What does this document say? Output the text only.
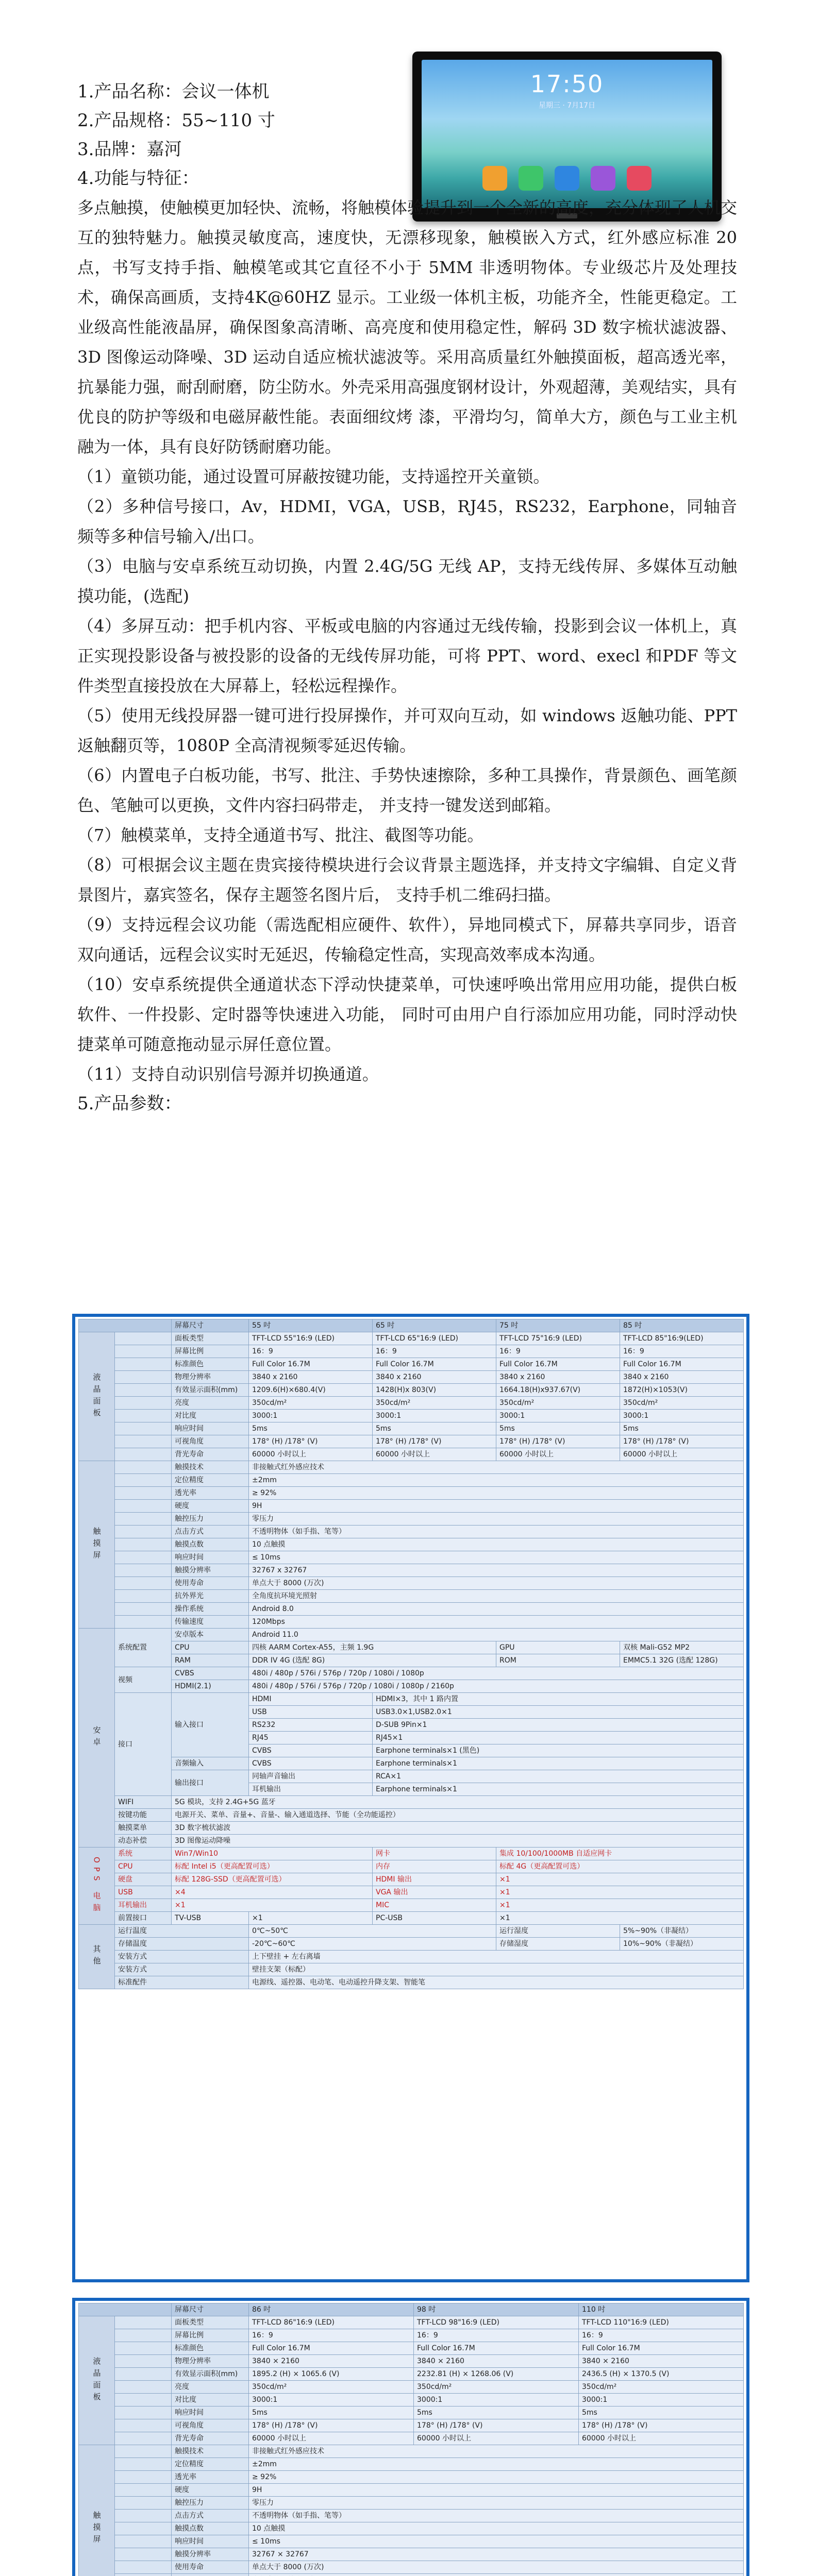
17:50
星期三 · 7月17日

1.产品名称：会议一体机

2.产品规格：55~110 寸

3.品牌：嘉河

4.功能与特征：

多点触摸，使触模更加轻快、流畅，将触模体验提升到一个全新的高度，充分体现了人机交互的独特魅力。触摸灵敏度高，速度快，无漂移现象，触模嵌入方式，红外感应标准 20 点，书写支持手指、触模笔或其它直径不小于 5MM 非透明物体。专业级芯片及处理技术，确保高画质，支持4K@60HZ 显示。工业级一体机主板，功能齐全，性能更稳定。工业级高性能液晶屏，确保图象高清晰、高亮度和使用稳定性，解码 3D 数字梳状滤波器、3D 图像运动降噪、3D 运动自适应梳状滤波等。采用高质量红外触摸面板，超高透光率，抗暴能力强，耐刮耐磨，防尘防水。外壳采用高强度钢材设计，外观超薄，美观结实，具有优良的防护等级和电磁屏蔽性能。表面细纹烤 漆，平滑均匀，简单大方，颜色与工业主机融为一体，具有良好防锈耐磨功能。

（1）童锁功能，通过设置可屏蔽按键功能，支持遥控开关童锁。

（2）多种信号接口，Av，HDMI，VGA，USB，RJ45，RS232，Earphone，同轴音频等多种信号输入/出口。

（3）电脑与安卓系统互动切换，内置 2.4G/5G 无线 AP，支持无线传屏、多媒体互动触摸功能，(选配)

（4）多屏互动：把手机内容、平板或电脑的内容通过无线传输，投影到会议一体机上，真正实现投影设备与被投影的设备的无线传屏功能，可将 PPT、word、execl 和PDF 等文件类型直接投放在大屏幕上，轻松远程操作。

（5）使用无线投屏器一键可进行投屏操作，并可双向互动，如 windows 返触功能、PPT 返触翻页等，1080P 全高清视频零延迟传输。

（6）内置电子白板功能，书写、批注、手势快速擦除，多种工具操作，背景颜色、画笔颜色、笔触可以更换，文件内容扫码带走， 并支持一键发送到邮箱。

（7）触模菜单，支持全通道书写、批注、截图等功能。

（8）可根据会议主题在贵宾接待模块进行会议背景主题选择，并支持文字编辑、自定义背景图片，嘉宾签名，保存主题签名图片后， 支持手机二维码扫描。

（9）支持远程会议功能（需选配相应硬件、软件），异地同模式下，屏幕共享同步，语音双向通话，远程会议实时无延迟，传输稳定性高，实现高效率成本沟通。

（10）安卓系统提供全通道状态下浮动快捷菜单，可快速呼唤出常用应用功能，提供白板软件、一件投影、定时器等快速进入功能， 同时可由用户自行添加应用功能，同时浮动快捷菜单可随意拖动显示屏任意位置。

（11）支持自动识别信号源并切换通道。

5.产品参数：

		屏幕尺寸	55 吋	65 吋	75 吋	85 吋
液晶面板		面板类型	TFT-LCD 55"16:9 (LED)	TFT-LCD 65"16:9 (LED)	TFT-LCD 75"16:9 (LED)	TFT-LCD 85"16:9(LED)
		屏幕比例	16：9	16：9	16：9	16：9
		标准颜色	Full Color 16.7M	Full Color 16.7M	Full Color 16.7M	Full Color 16.7M
		物理分辨率	3840 x 2160	3840 x 2160	3840 x 2160	3840 x 2160
		有效显示面积(mm)	1209.6(H)×680.4(V)	1428(H)x 803(V)	1664.18(H)x937.67(V)	1872(H)×1053(V)
		亮度	350cd/m²	350cd/m²	350cd/m²	350cd/m²
		对比度	3000:1	3000:1	3000:1	3000:1
		响应时间	5ms	5ms	5ms	5ms
		可视角度	178° (H) /178° (V)	178° (H) /178° (V)	178° (H) /178° (V)	178° (H) /178° (V)
		背光寿命	60000 小时以上	60000 小时以上	60000 小时以上	60000 小时以上
触摸屏		触摸技术	非接触式红外感应技术			
		定位精度	±2mm			
		透光率	≥ 92%			
		硬度	9H			
		触控压力	零压力			
		点击方式	不透明物体（如手指、笔等）			
		触摸点数	10 点触摸			
		响应时间	≤ 10ms			
		触摸分辨率	32767 x 32767			
		使用寿命	单点大于 8000 (万次)			
		抗外界光	全角度抗环境光照射			
		操作系统	Android 8.0			
		传输速度	120Mbps			
安卓	系统配置	安卓版本	Android 11.0			
		CPU	四核 AARM Cortex-A55，主频 1.9G		GPU	双核 Mali-G52 MP2
		RAM	DDR IV 4G (选配 8G)		ROM	EMMC5.1 32G (选配 128G)
	视频	CVBS	480i / 480p / 576i / 576p / 720p / 1080i / 1080p			
		HDMI(2.1)	480i / 480p / 576i / 576p / 720p / 1080i / 1080p / 2160p			
	接口	输入接口	HDMI	HDMI×3，其中 1 路内置		
			USB	USB3.0×1,USB2.0×1		
			RS232	D-SUB 9Pin×1		
			RJ45	RJ45×1		
			CVBS	Earphone terminals×1 (黑色)		
		音频输入	CVBS	Earphone terminals×1		
		输出接口	同轴声音输出	RCA×1		
			耳机输出	Earphone terminals×1		
	WIFI	5G 模块，支持 2.4G+5G 蓝牙				
	按键功能	电源开关、菜单、音量+、音量-、输入通道选择、节能（全功能遥控）				
	触摸菜单	3D 数字梳状滤波				
	动态补偿	3D 图像运动降噪				
OPS 电脑	系统	Win7/Win10		网卡	集成 10/100/1000MB 自适应网卡	
	CPU	标配 Intel i5（更高配置可选）		内存	标配 4G（更高配置可选）	
	硬盘	标配 128G-SSD（更高配置可选）		HDMI 输出	×1	
	USB	×4		VGA 输出	×1	
	耳机输出	×1		MIC	×1	
	前置接口	TV-USB	×1	PC-USB	×1	
其他	运行温度		0℃~50℃		运行湿度	5%~90%（非凝结）
	存储温度		-20℃~60℃		存储湿度	10%~90%（非凝结）
	安装方式		上下壁挂 + 左右离墙			
	安装方式		壁挂支架（标配）			
	标准配件		电源线、遥控器、电动笔、电动遥控升降支架、智能笔			
		屏幕尺寸	86 吋	98 吋	110 吋
液晶面板		面板类型	TFT-LCD 86"16:9 (LED)	TFT-LCD 98"16:9 (LED)	TFT-LCD 110"16:9 (LED)
		屏幕比例	16：9	16：9	16：9
		标准颜色	Full Color 16.7M	Full Color 16.7M	Full Color 16.7M
		物理分辨率	3840 × 2160	3840 × 2160	3840 × 2160
		有效显示面积(mm)	1895.2 (H) × 1065.6 (V)	2232.81 (H) × 1268.06 (V)	2436.5 (H) × 1370.5 (V)
		亮度	350cd/m²	350cd/m²	350cd/m²
		对比度	3000:1	3000:1	3000:1
		响应时间	5ms	5ms	5ms
		可视角度	178° (H) /178° (V)	178° (H) /178° (V)	178° (H) /178° (V)
		背光寿命	60000 小时以上	60000 小时以上	60000 小时以上
触摸屏		触摸技术	非接触式红外感应技术		
		定位精度	±2mm		
		透光率	≥ 92%		
		硬度	9H		
		触控压力	零压力		
		点击方式	不透明物体（如手指、笔等）		
		触摸点数	10 点触摸		
		响应时间	≤ 10ms		
		触摸分辨率	32767 × 32767		
		使用寿命	单点大于 8000 (万次)		
